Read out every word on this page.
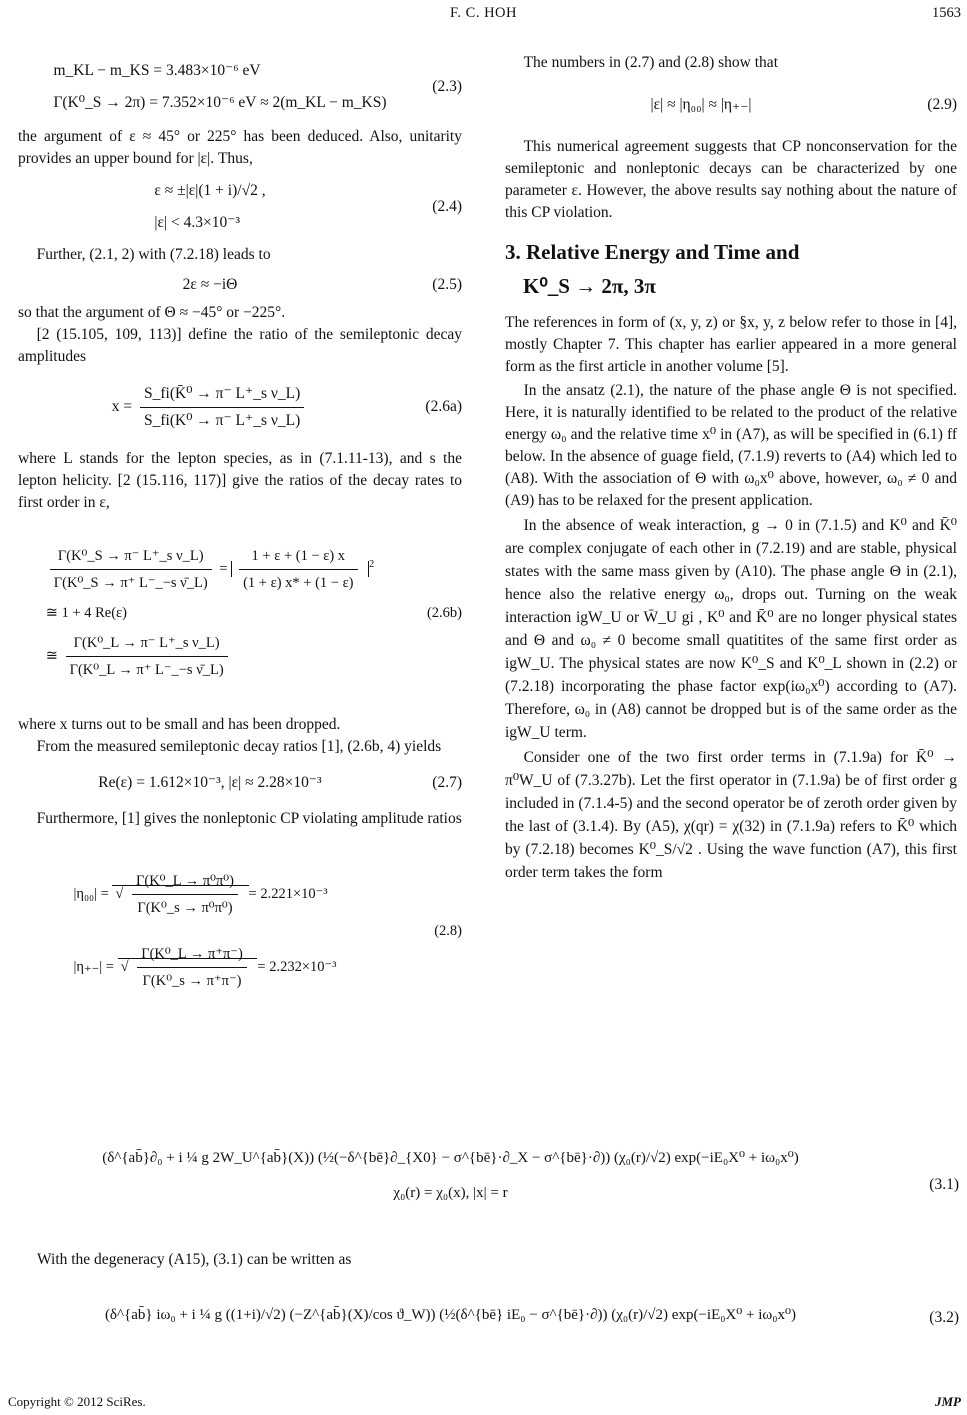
F. C. HOH	1563
m_KL − m_KS = 3.483×10⁻⁶ eV
Γ(K⁰_S → 2π) = 7.352×10⁻⁶ eV ≈ 2(m_KL − m_KS)
(2.3)

the argument of ε ≈ 45° or 225° has been deduced. Also, unitarity provides an upper bound for |ε|. Thus,

ε ≈ ±|ε|(1 + i)/√2 ,
|ε| < 4.3×10⁻³
(2.4)

Further, (2.1, 2) with (7.2.18) leads to

2ε ≈ −iΘ	(2.5)

so that the argument of Θ ≈ −45° or −225°.

[2 (15.105, 109, 113)] define the ratio of the semileptonic decay amplitudes

$x = \frac{\text{S\_fi(K̄⁰ → π⁻ L⁺\_s ν\_L)}}{\text{S\_fi(K⁰ → π⁻ L⁺\_s ν\_L)}}$	(2.6a)

where L stands for the lepton species, as in (7.1.11-13), and s the lepton helicity. [2 (15.116, 117)] give the ratios of the decay rates to first order in ε,

$\frac{\text{Γ(K⁰\_S → π⁻ L⁺\_s ν\_L)}}{\text{Γ(K⁰\_S → π⁺ L⁻\_−s ν̄\_L)}} = \frac{1 + \varepsilon + (1 - \varepsilon) x}{(1 + \varepsilon) x* + (1 - \varepsilon)} ^2$
≅ 1 + 4 Re(ε)
≅ $\frac{\text{Γ(K⁰\_L → π⁻ L⁺\_s ν\_L)}}{\text{Γ(K⁰\_L → π⁺ L⁻\_−s ν̄\_L)}}$
(2.6b)

where x turns out to be small and has been dropped.

From the measured semileptonic decay ratios [1], (2.6b, 4) yields

Re(ε) = 1.612×10⁻³, |ε| ≈ 2.28×10⁻³	(2.7)

Furthermore, [1] gives the nonleptonic CP violating amplitude ratios

|η₀₀| = √ $\frac{\text{Γ(K⁰\_L → π⁰π⁰)}}{\text{Γ(K⁰\_s → π⁰π⁰)}} = 2.221\times 10^{-3}$
|η₊₋| = √ $\frac{\text{Γ(K⁰\_L → π⁺π⁻)}}{\text{Γ(K⁰\_s → π⁺π⁻)}} = 2.232\times 10^{-3}$
(2.8)

The numbers in (2.7) and (2.8) show that

|ε| ≈ |η₀₀| ≈ |η₊₋|	(2.9)

This numerical agreement suggests that CP nonconservation for the semileptonic and nonleptonic decays can be characterized by one parameter ε. However, the above results say nothing about the nature of this CP violation.

3. Relative Energy and Time and
K⁰_S → 2π, 3π

The references in form of (x, y, z) or §x, y, z below refer to those in [4], mostly Chapter 7. This chapter has earlier appeared in a more general form as the first article in another volume [5].

In the ansatz (2.1), the nature of the phase angle Θ is not specified. Here, it is naturally identified to be related to the product of the relative energy ω₀ and the relative time x⁰ in (A7), as will be specified in (6.1) ff below. In the absence of guage field, (7.1.9) reverts to (A4) which led to (A8). With the association of Θ with ω₀x⁰ above, however, ω₀ ≠ 0 and (A9) has to be relaxed for the present application.

In the absence of weak interaction, g → 0 in (7.1.5) and K⁰ and K̄⁰ are complex conjugate of each other in (7.2.19) and are stable, physical states with the same mass given by (A10). The phase angle Θ in (2.1), hence also the relative energy ω₀, drops out. Turning on the weak interaction igW_U or W̄_U gi , K⁰ and K̄⁰ are no longer physical states and Θ and ω₀ ≠ 0 become small quatitites of the same first order as igW_U. The physical states are now K⁰_S and K⁰_L shown in (2.2) or (7.2.18) incorporating the phase factor exp(iω₀x⁰) according to (A7). Therefore, ω₀ in (A8) cannot be dropped but is of the same order as the igW_U term.

Consider one of the two first order terms in (7.1.9a) for K̄⁰ → π⁰W_U of (7.3.27b). Let the first operator in (7.1.9a) be of first order g included in (7.1.4-5) and the second operator be of zeroth order given by the last of (3.1.4). By (A5), χ(qr) = χ(32) in (7.1.9a) refers to K̄⁰ which by (7.2.18) becomes K⁰_S/√2 . Using the wave function (A7), this first order term takes the form

(δ^{ab̄}∂₀ + i ¼ g 2W_U^{ab̄}(X)) (½(−δ^{bē}∂_{X0} − σ^{bē}·∂_X − σ^{bē}·∂)) (χ₀(r)/√2) exp(−iE₀X⁰ + iω₀x⁰)
χ₀(r) = χ₀(x), |x| = r	(3.1)
With the degeneracy (A15), (3.1) can be written as
(δ^{ab̄} iω₀ + i ¼ g ((1+i)/√2) (−Z^{ab̄}(X)/cos ϑ_W)) (½(δ^{bē} iE₀ − σ^{bē}·∂)) (χ₀(r)/√2) exp(−iE₀X⁰ + iω₀x⁰)	(3.2)
Copyright © 2012 SciRes.	JMP
